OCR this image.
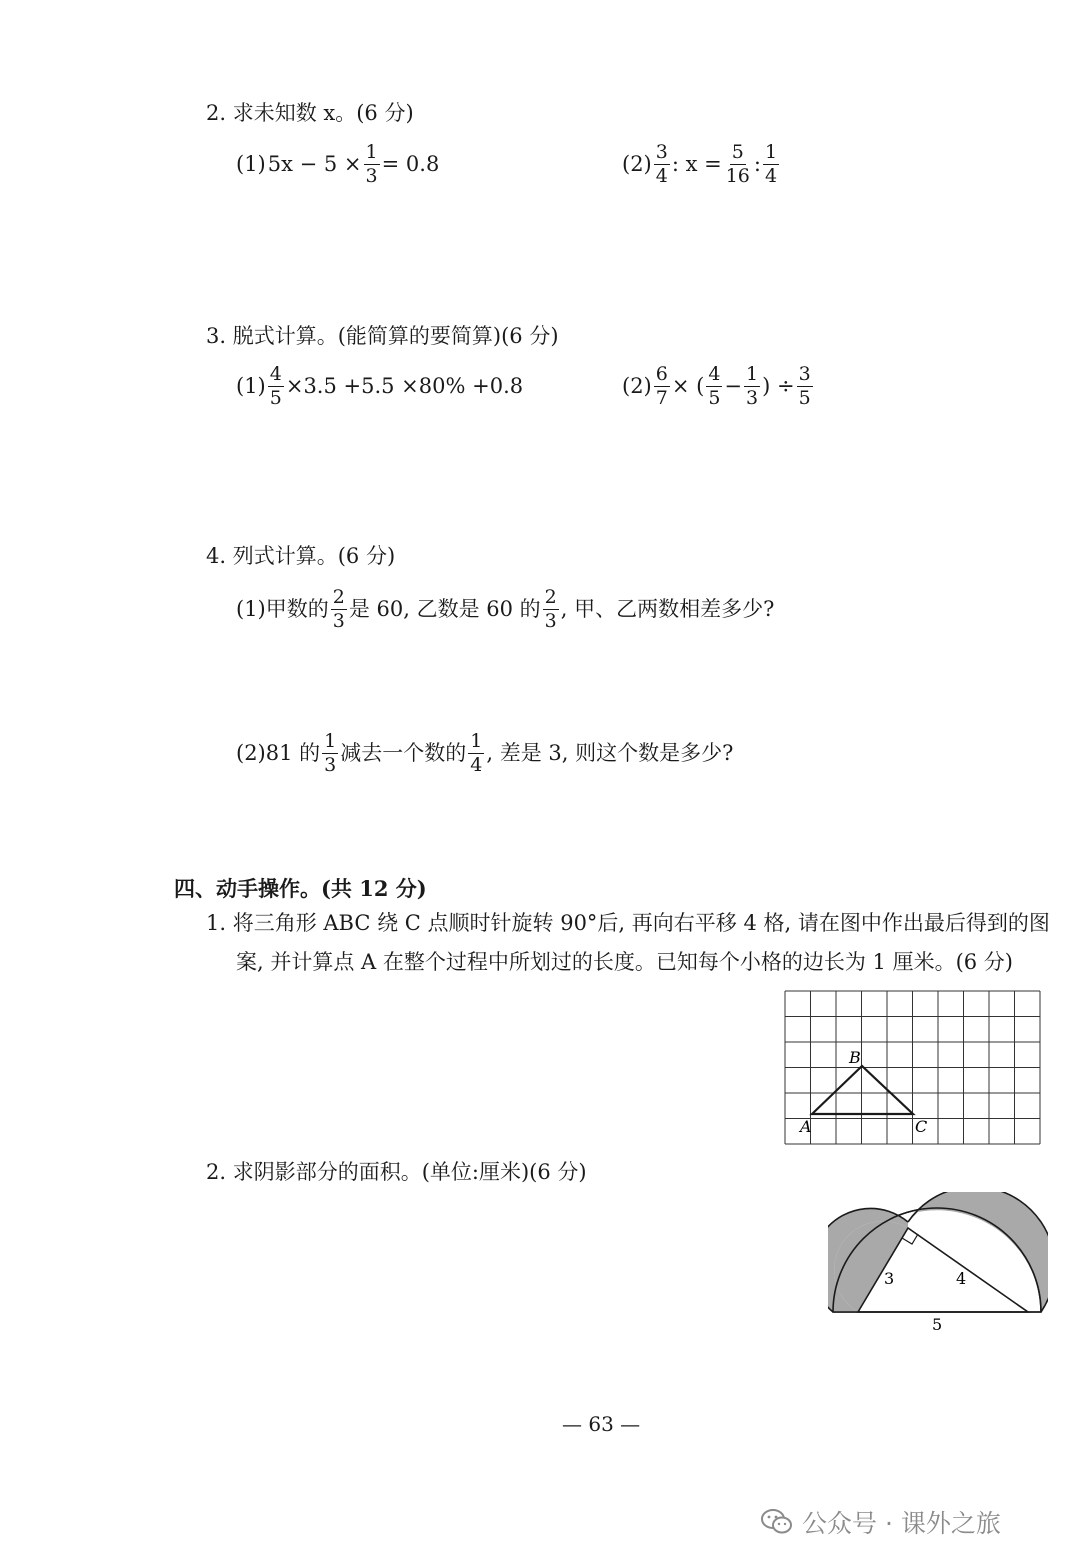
2. 求未知数 x。(6 分)
(1) $5x - 5 \times \frac{1}{3} = 0.8$	$(2) \frac{3}{4}$ : $x = \frac{5}{16}$ : $\frac{1}{4}$
3. 脱式计算。(能简算的要简算)(6 分)
$(1) \frac{4}{5} \times 3.5 +5.5 \times 80\% +0.8$	$(2) \frac{6}{7}$ × ( $\frac{4}{5} - \frac{1}{3}$ ) ÷ $\frac{3}{5}$
4. 列式计算。(6 分)
(1) 甲数的 $\frac{2}{3}$ 是 60, 乙数是 60 的 $\frac{2}{3}$ , 甲、乙两数相差多少?
(2) 81 的 $\frac{1}{3}$ 减去一个数的 $\frac{1}{4}$ , 差是 3, 则这个数是多少?
四、动手操作。(共 12 分)
1. 将三角形 ABC 绕 C 点顺时针旋转 90°后, 再向右平移 4 格, 请在图中作出最后得到的图
案, 并计算点 A 在整个过程中所划过的长度。已知每个小格的边长为 1 厘米。(6 分)
A
B
C
2. 求阴影部分的面积。(单位:厘米)(6 分)
3	4
5
— 63 —
公众号 · 课外之旅
